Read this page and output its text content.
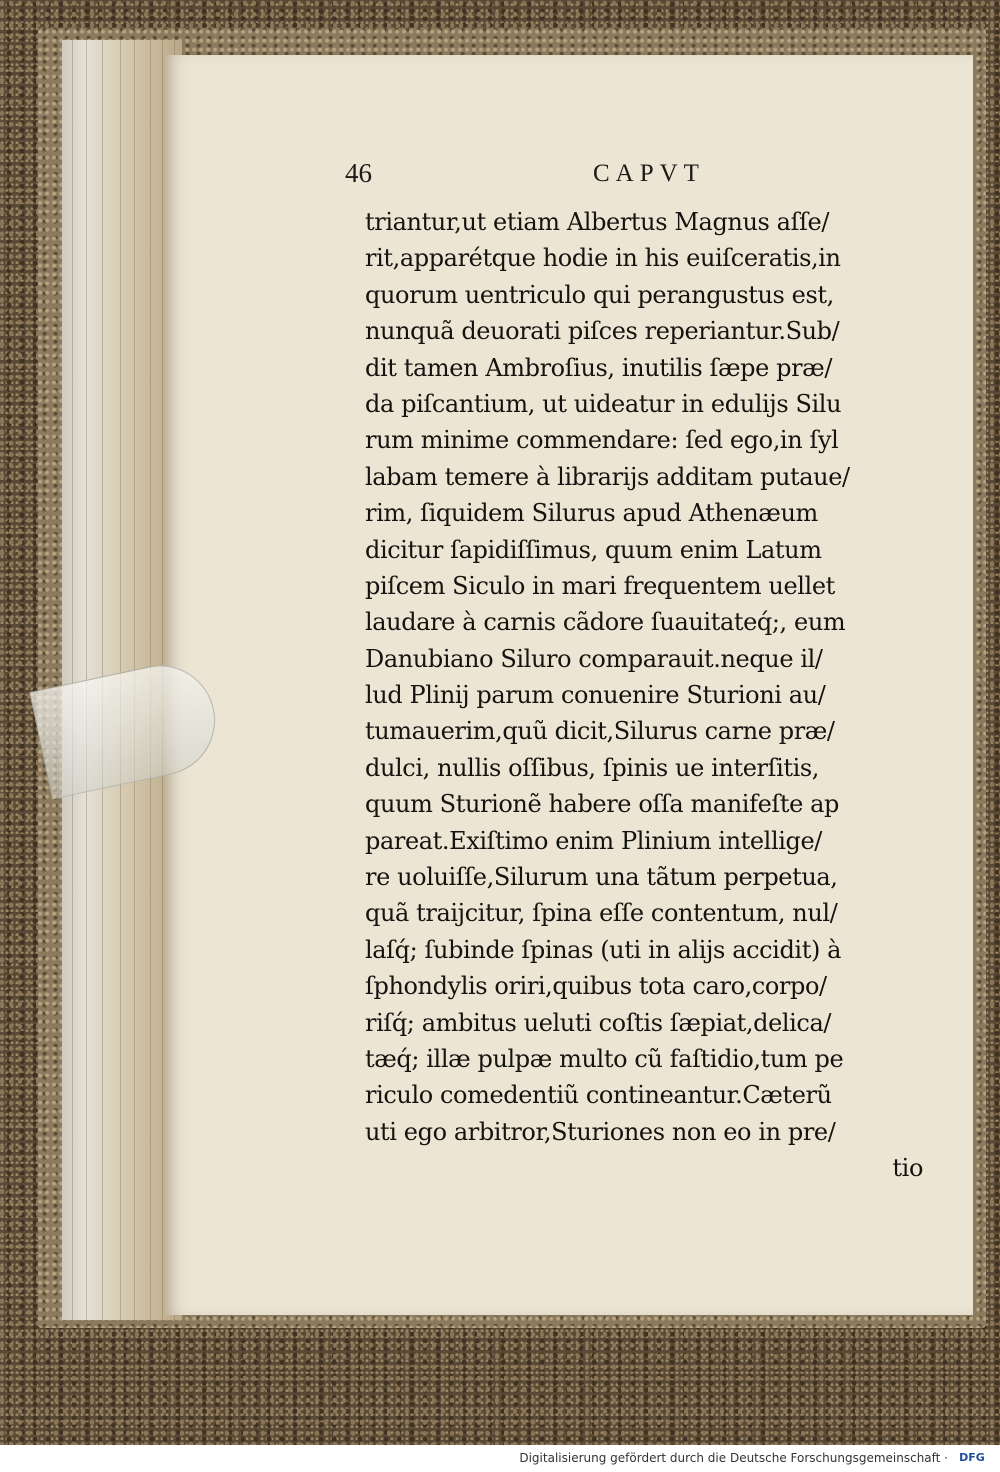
46	CAPVT
triantur,ut etiam Albertus Magnus aſſe/
rit,apparétque hodie in his euiſceratis,in
quorum uentriculo qui perangustus est,
nunquã deuorati piſces reperiantur.Sub/
dit tamen Ambroſius, inutilis ſæpe præ/
da piſcantium, ut uideatur in edulijs Silu
rum minime commendare: ſed ego,in ſyl
labam temere à librarijs additam putaue/
rim, ſiquidem Silurus apud Athenæum
dicitur ſapidiſſimus, quum enim Latum
piſcem Siculo in mari frequentem uellet
laudare à carnis cãdore ſuauitateq́;, eum
Danubiano Siluro comparauit.neque il/
lud Plinij parum conuenire Sturioni au/
tumauerim,quũ dicit,Silurus carne præ/
dulci, nullis oſſibus, ſpinis ue interſitis,
quum Sturionẽ habere oſſa manifeſte ap
pareat.Exiſtimo enim Plinium intellige/
re uoluiſſe,Silurum una tãtum perpetua,
quã traijcitur, ſpina eſſe contentum, nul/
laſq́; ſubinde ſpinas (uti in alijs accidit) à
ſphondylis oriri,quibus tota caro,corpo/
riſq́; ambitus ueluti coſtis ſæpiat,delica/
tæq́; illæ pulpæ multo cũ faſtidio,tum pe
riculo comedentiũ contineantur.Cæterũ
uti ego arbitror,Sturiones non eo in pre/
tio
Digitalisierung gefördert durch die Deutsche Forschungsgemeinschaft ·	DFG
